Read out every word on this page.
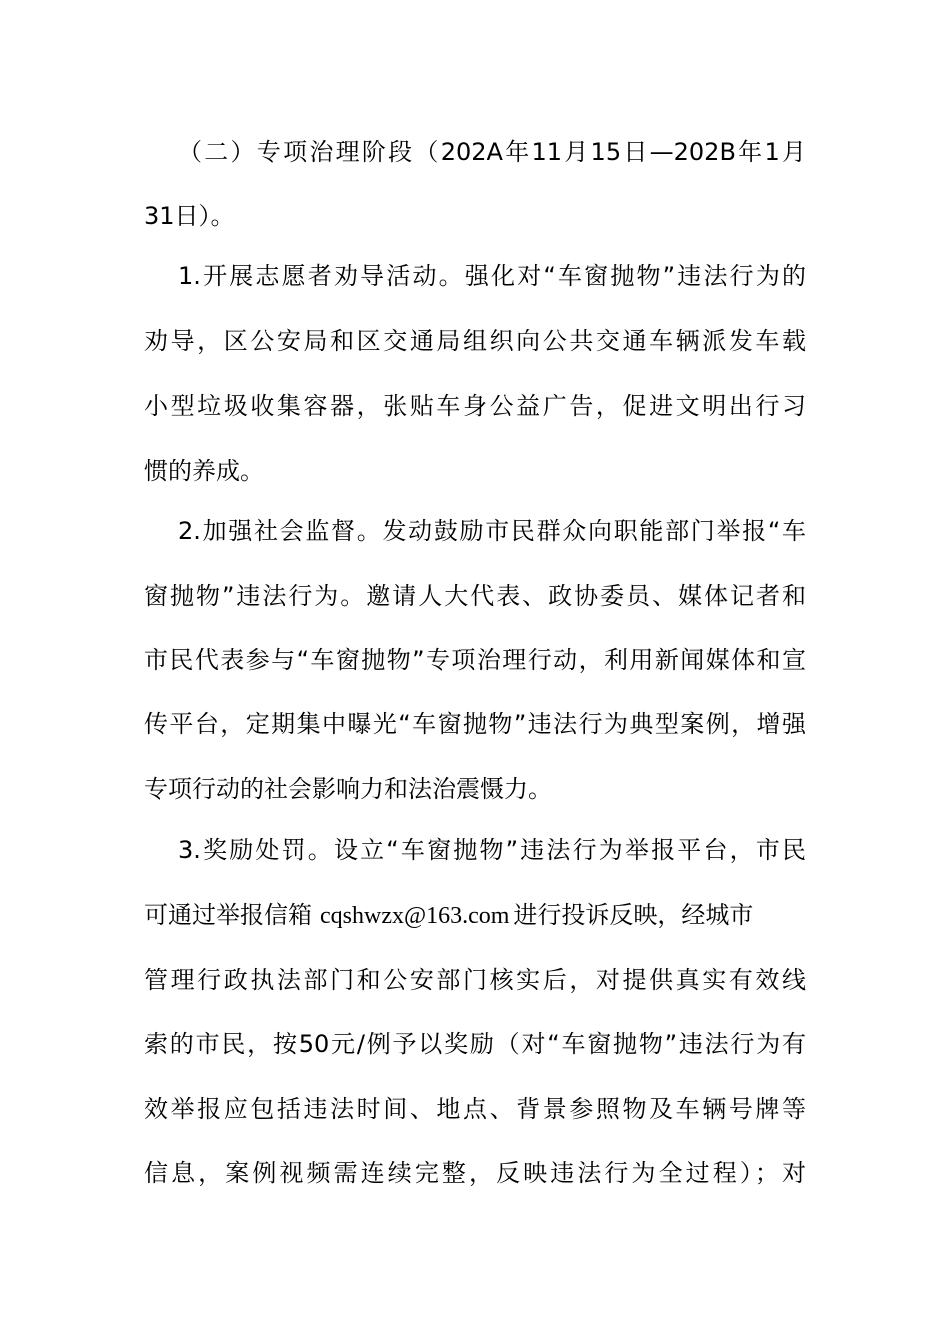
（二）专项治理阶段（202A年11月15日—202B年1月
31日）。
1.开展志愿者劝导活动。强化对“车窗抛物”违法行为的
劝导，区公安局和区交通局组织向公共交通车辆派发车载
小型垃圾收集容器，张贴车身公益广告，促进文明出行习
惯的养成。
2.加强社会监督。发动鼓励市民群众向职能部门举报“车
窗抛物”违法行为。邀请人大代表、政协委员、媒体记者和
市民代表参与“车窗抛物”专项治理行动，利用新闻媒体和宣
传平台，定期集中曝光“车窗抛物”违法行为典型案例，增强
专项行动的社会影响力和法治震慑力。
3.奖励处罚。设立“车窗抛物”违法行为举报平台，市民
可通过举报信箱 cqshwzx@163.com 进行投诉反映，经城市
管理行政执法部门和公安部门核实后，对提供真实有效线
索的市民，按50元/例予以奖励（对“车窗抛物”违法行为有
效举报应包括违法时间、地点、背景参照物及车辆号牌等
信息，案例视频需连续完整，反映违法行为全过程）；对
